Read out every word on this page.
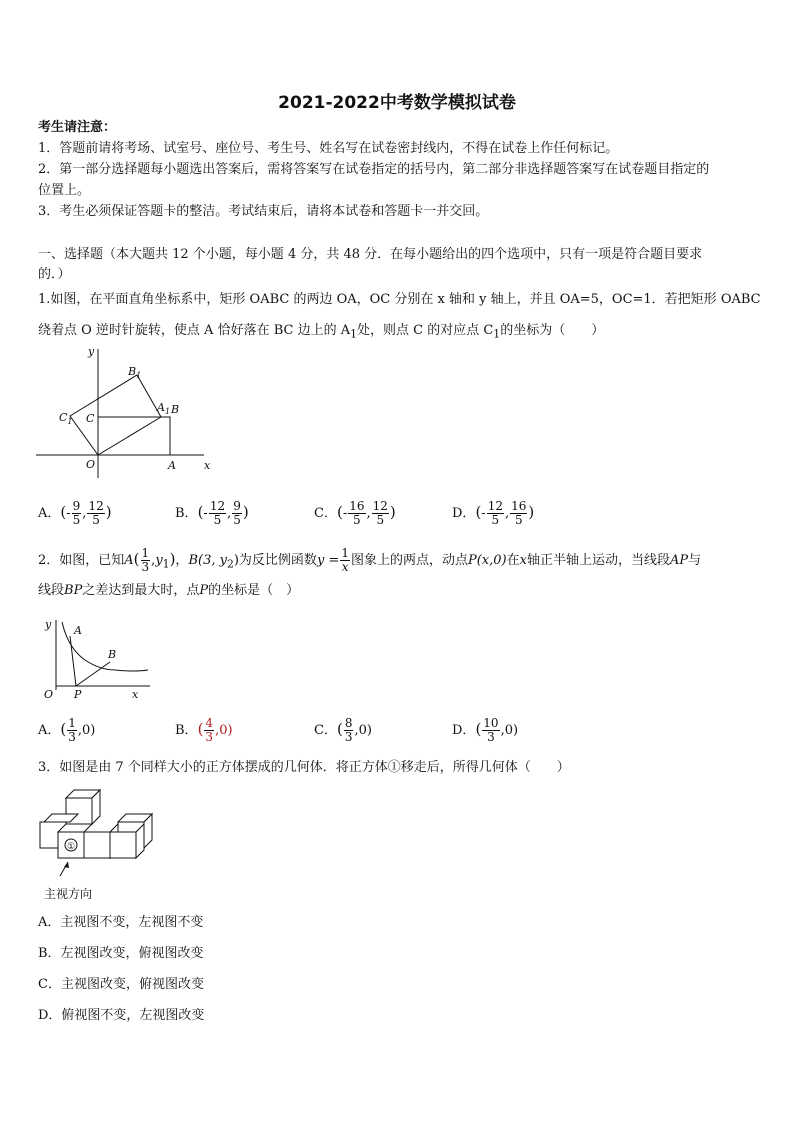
2021-2022中考数学模拟试卷
考生请注意：
1．答题前请将考场、试室号、座位号、考生号、姓名写在试卷密封线内，不得在试卷上作任何标记。
2．第一部分选择题每小题选出答案后，需将答案写在试卷指定的括号内，第二部分非选择题答案写在试卷题目指定的
位置上。
3．考生必须保证答题卡的整洁。考试结束后，请将本试卷和答题卡一并交回。
一、选择题（本大题共 12 个小题，每小题 4 分，共 48 分．在每小题给出的四个选项中，只有一项是符合题目要求
的．）
1.如图，在平面直角坐标系中，矩形 OABC 的两边 OA，OC 分别在 x 轴和 y 轴上，并且 OA=5，OC=1．若把矩形 OABC
绕着点 O 逆时针旋转，使点 A 恰好落在 BC 边上的 $A_1$处，则点 C 的对应点 $C_1$的坐标为（　　）
y
x
$B_1$
$A_1$ B
$C_1$ C
O	A
A．(- $\frac{9}{5}$ , $\frac{12}{5}$ )	B．(- $\frac{12}{5}$ , $\frac{9}{5}$ )	C．(- $\frac{16}{5}$ , $\frac{12}{5}$ )	D．(- $\frac{12}{5}$ , $\frac{16}{5}$ )
2．如图，已知$A( \frac{1}{3} ,y_1)$，B(3, $y_2$)为反比例函数$y = \frac{1}{x}$ 图象上的两点，动点P(x,0)在x轴正半轴上运动，当线段AP与
线段BP之差达到最大时，点P的坐标是（　）
y A
B
O P	x
A．( $\frac{1}{3} ,0$)	B．( $\frac{4}{3} ,0$)	C．( $\frac{8}{3} ,0$)	D．( $\frac{10}{3} ,0$)
3．如图是由 7 个同样大小的正方体摆成的几何体．将正方体①移走后，所得几何体（　　）
①
主视方向
A．主视图不变，左视图不变
B．左视图改变，俯视图改变
C．主视图改变，俯视图改变
D．俯视图不变，左视图改变
